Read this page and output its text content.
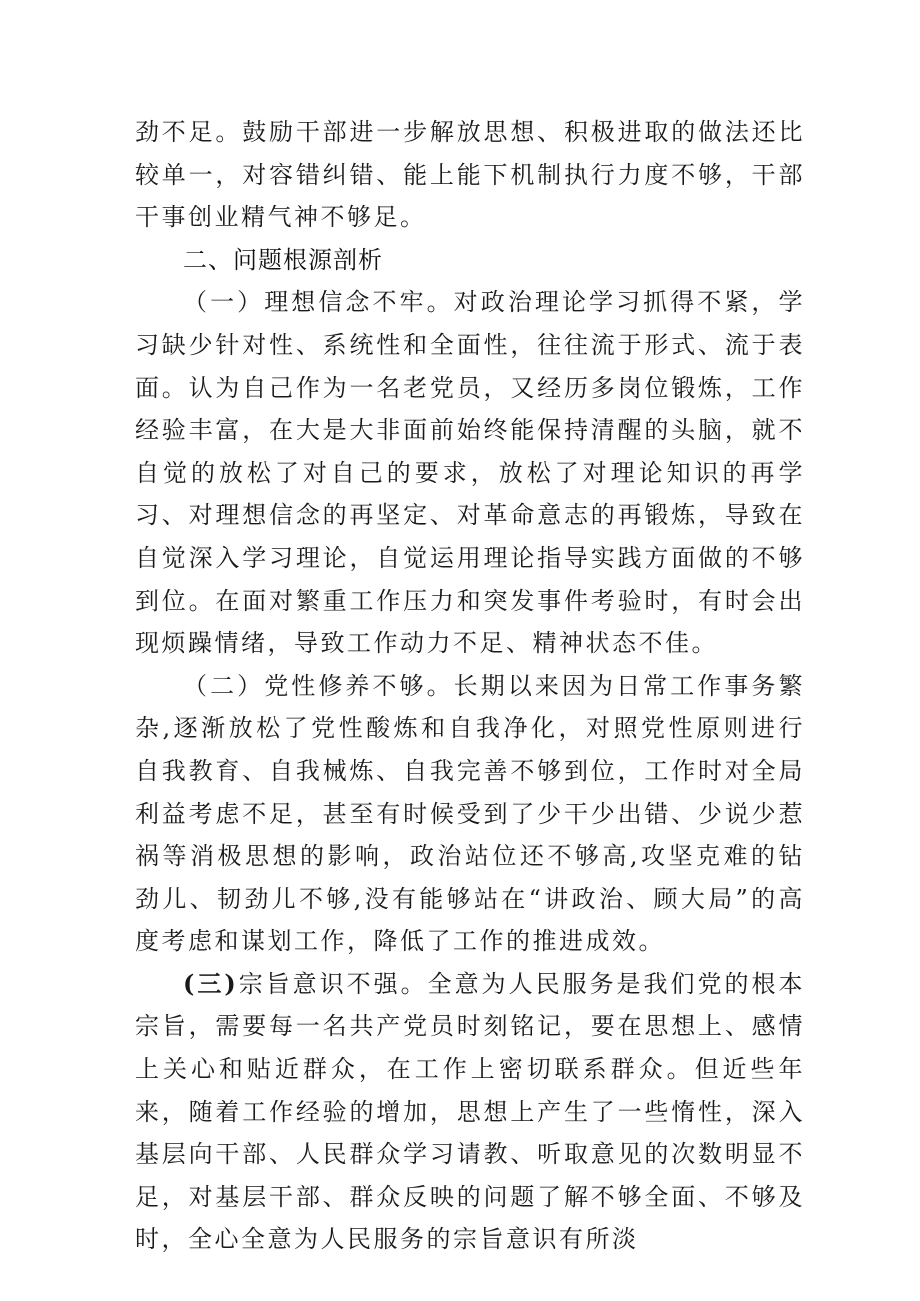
劲不足。鼓励干部进一步解放思想、积极进取的做法还比较单一，对容错纠错、能上能下机制执行力度不够，干部干事创业精气神不够足。

二、问题根源剖析

（一）理想信念不牢。对政治理论学习抓得不紧，学习缺少针对性、系统性和全面性，往往流于形式、流于表面。认为自己作为一名老党员，又经历多岗位锻炼，工作经验丰富，在大是大非面前始终能保持清醒的头脑，就不自觉的放松了对自己的要求，放松了对理论知识的再学习、对理想信念的再坚定、对革命意志的再锻炼，导致在自觉深入学习理论，自觉运用理论指导实践方面做的不够到位。在面对繁重工作压力和突发事件考验时，有时会出现烦躁情绪，导致工作动力不足、精神状态不佳。

（二）党性修养不够。长期以来因为日常工作事务繁杂,逐渐放松了党性酸炼和自我净化，对照党性原则进行自我教育、自我械炼、自我完善不够到位，工作时对全局利益考虑不足，甚至有时候受到了少干少出错、少说少惹祸等消极思想的影响，政治站位还不够高,攻坚克难的钻劲儿、韧劲儿不够,没有能够站在“讲政治、顾大局”的高度考虑和谋划工作，降低了工作的推进成效。

(三)宗旨意识不强。全意为人民服务是我们党的根本宗旨，需要每一名共产党员时刻铭记，要在思想上、感情上关心和贴近群众，在工作上密切联系群众。但近些年来，随着工作经验的增加，思想上产生了一些惰性，深入基层向干部、人民群众学习请教、听取意见的次数明显不足，对基层干部、群众反映的问题了解不够全面、不够及时，全心全意为人民服务的宗旨意识有所淡
